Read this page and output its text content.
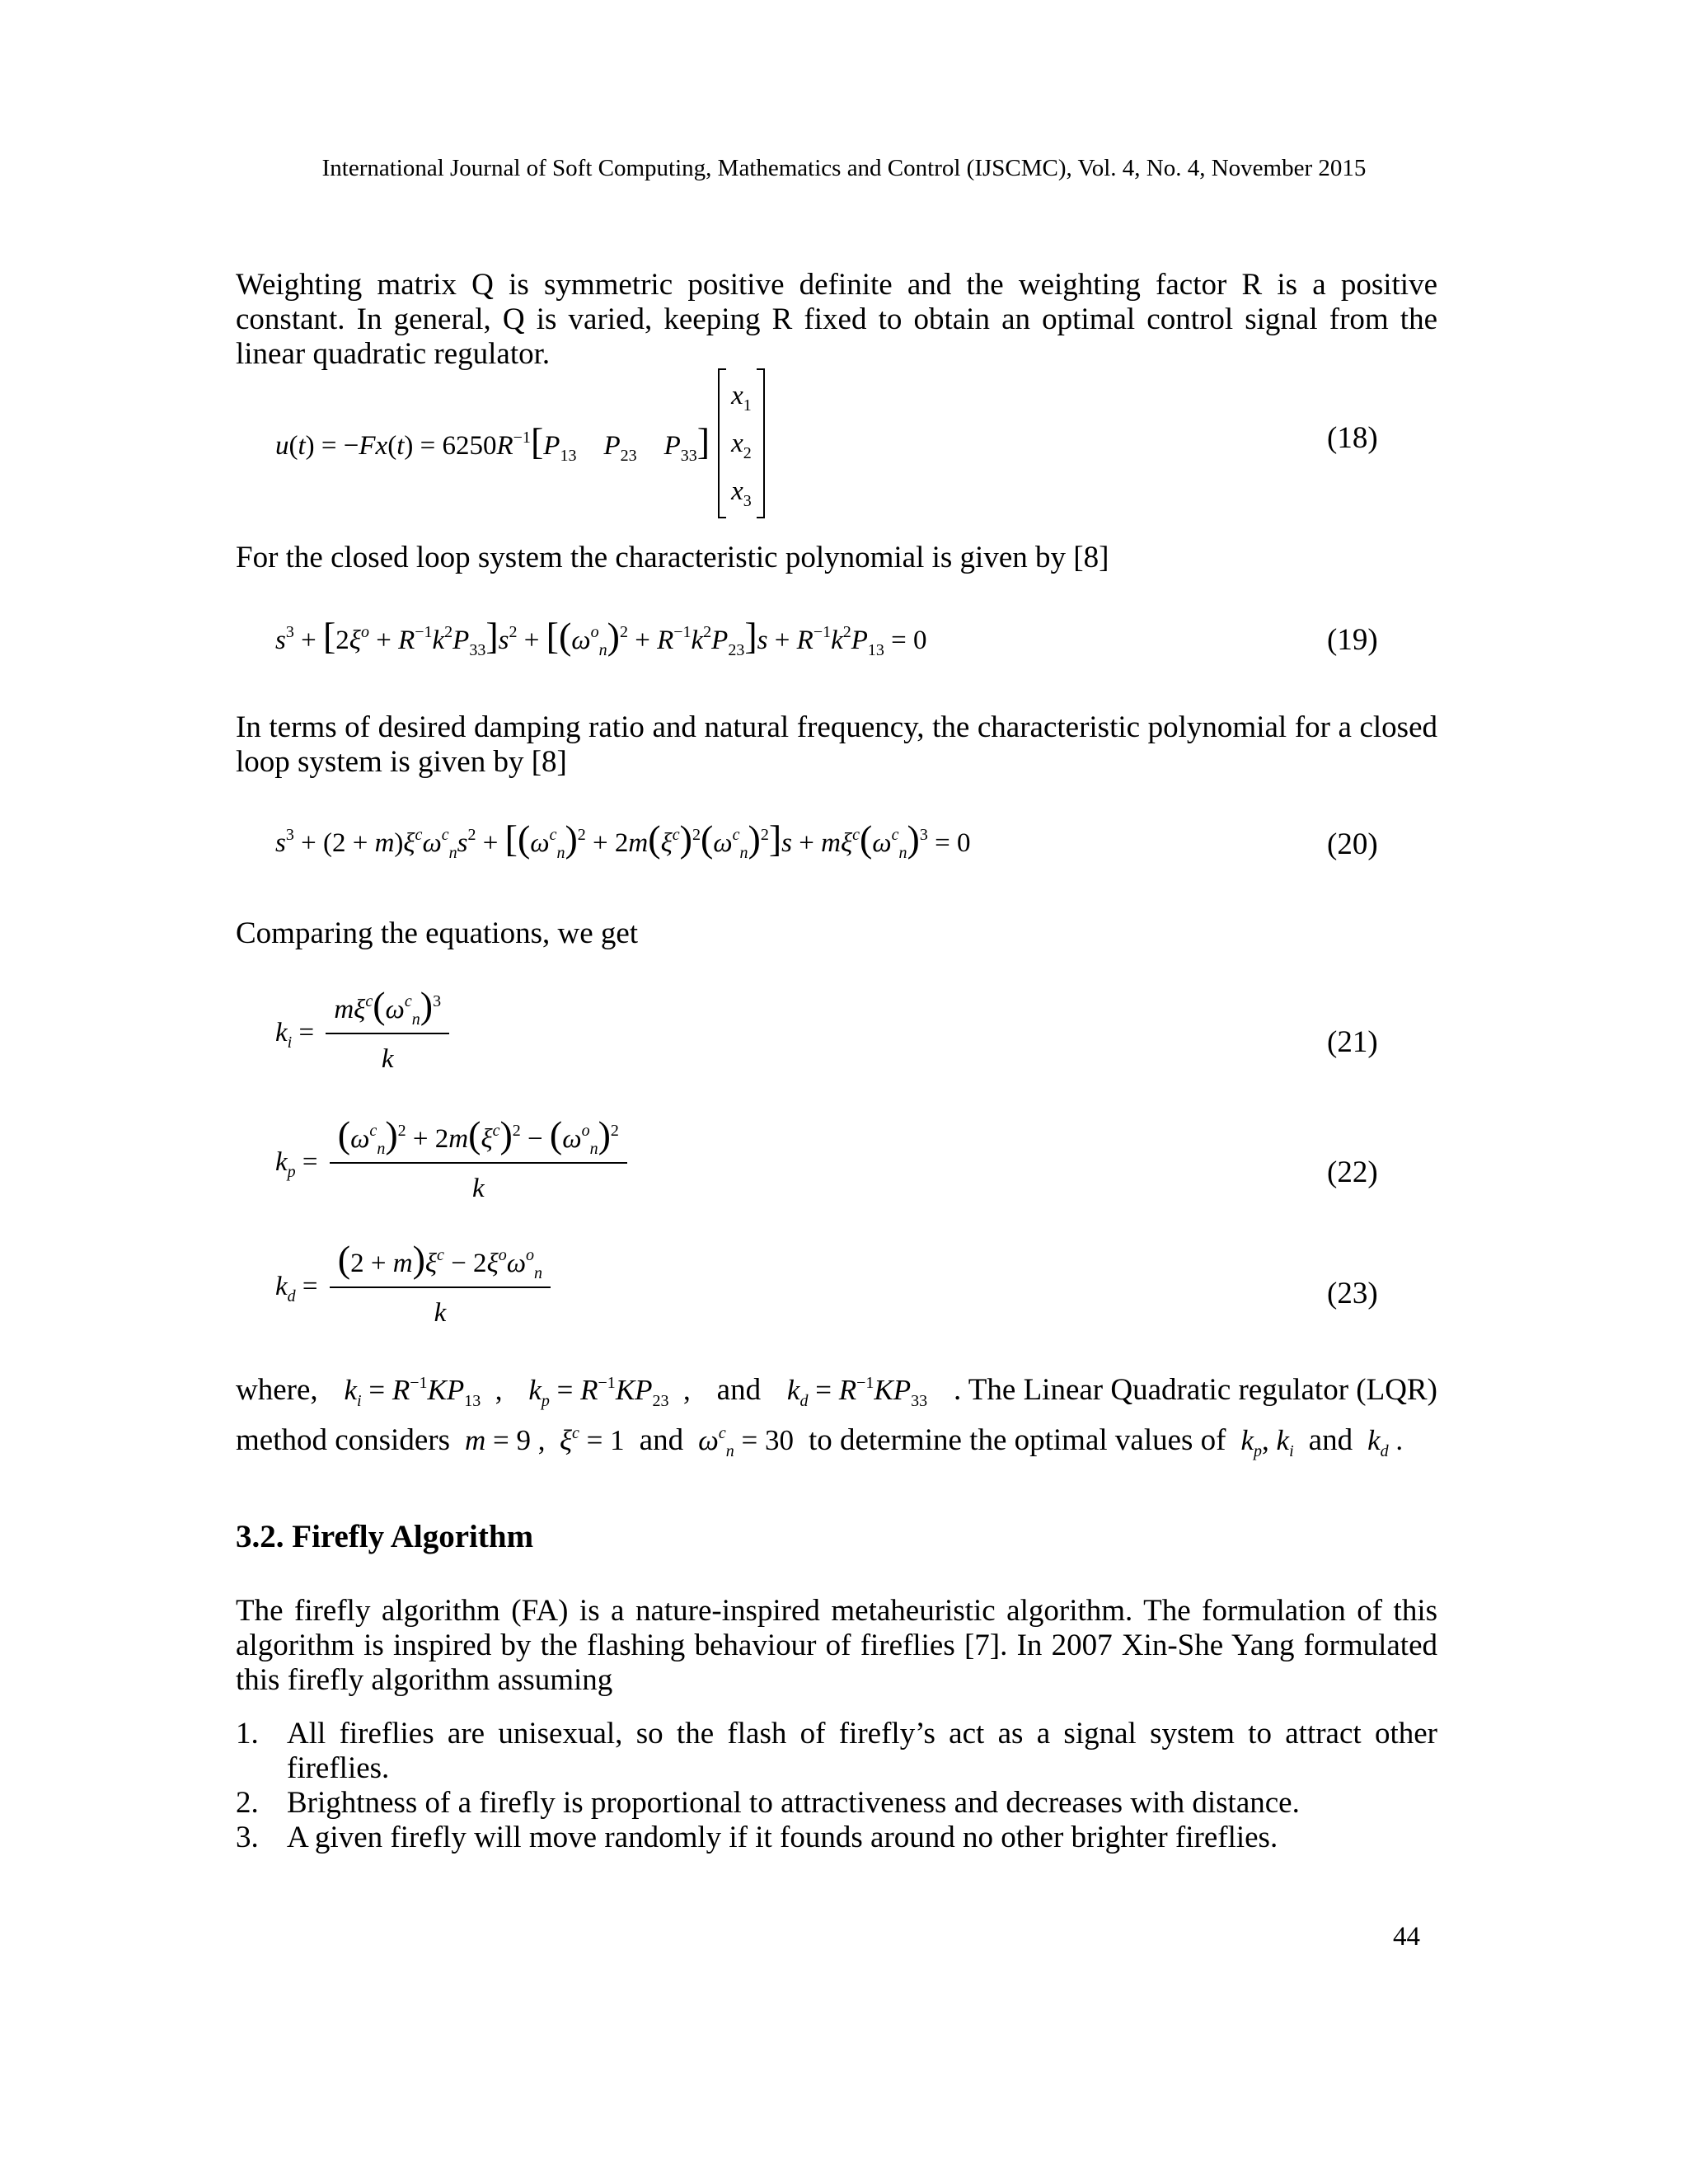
International Journal of Soft Computing, Mathematics and Control (IJSCMC), Vol. 4, No. 4, November 2015

Weighting matrix Q is symmetric positive definite and the weighting factor R is a positive constant. In general, Q is varied, keeping R fixed to obtain an optimal control signal from the linear quadratic regulator.

$u(t) = -Fx(t) = 6250R^{-1}[P_{13}$ $P_{23}$ $P_{33}$]
$x_1$
$x_2$
$x_3$
(18)

For the closed loop system the characteristic polynomial is given by [8]

$s^3 + [2\xi^o + R^{-1}k^2P_{33}]s^2 + [(\omega^o_n)^2 + R^{-1}k^2P_{23}]s + R^{-1}k^2P_{13} = 0$	(19)

In terms of desired damping ratio and natural frequency, the characteristic polynomial for a closed loop system is given by [8]

$s^3 + (2 + m)\xi^c\omega^c_ns^2 + [(\omega^c_n)^2 + 2m(\xi^c)^2(\omega^c_n)^2]s + m\xi^c(\omega^c_n)^3 = 0$	(20)

Comparing the equations, we get

$k_i = \frac{m\xi^c(\omega^c_n)^3}{k}$	(21)
$k_p = \frac{(\omega^c_n)^2 + 2m(\xi^c)^2 - (\omega^o_n)^2}{k}$	(22)
$k_d = \frac{(2 + m)\xi^c - 2\xi^o\omega^o_n}{k}$	(23)
where, $k_i = R^{-1}KP_{13}$  , $k_p = R^{-1}KP_{23}$  , and $k_d = R^{-1}KP_{33}$ . The Linear Quadratic regulator (LQR)
method considers m = 9 ,  $\xi^c = 1$  and $\omega^c_n = 30$  to determine the optimal values of $k_p$, $k_i$ and $k_d$ .
3.2. Firefly Algorithm

The firefly algorithm (FA) is a nature-inspired metaheuristic algorithm. The formulation of this algorithm is inspired by the flashing behaviour of fireflies [7]. In 2007 Xin-She Yang formulated this firefly algorithm assuming

1. All fireflies are unisexual, so the flash of firefly’s act as a signal system to attract other fireflies.
2. Brightness of a firefly is proportional to attractiveness and decreases with distance.
3. A given firefly will move randomly if it founds around no other brighter fireflies.
44
